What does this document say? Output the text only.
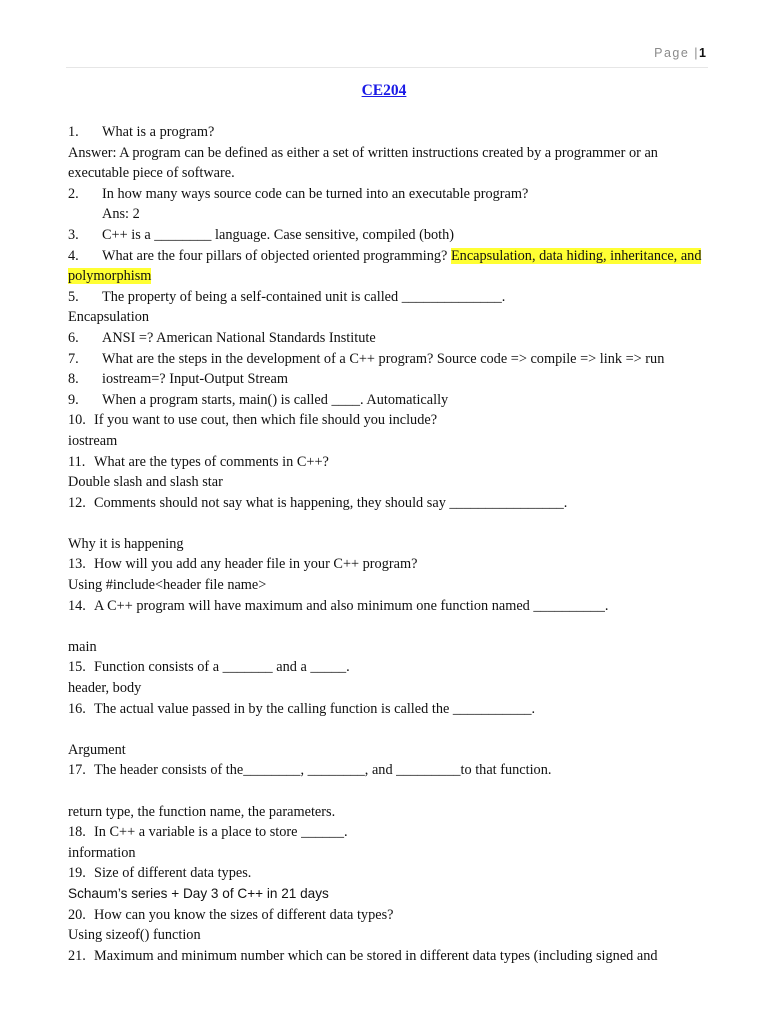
Page |1
CE204
1. What is a program?
Answer: A program can be defined as either a set of written instructions created by a programmer or an executable piece of software.
2. In how many ways source code can be turned into an executable program?
Ans: 2
3. C++ is a ________ language. Case sensitive, compiled (both)
4. What are the four pillars of objected oriented programming? Encapsulation, data hiding, inheritance, and polymorphism
5. The property of being a self-contained unit is called ______________.
Encapsulation
6. ANSI =? American National Standards Institute
7. What are the steps in the development of a C++ program? Source code => compile => link => run
8. iostream=? Input-Output Stream
9. When a program starts, main() is called ____. Automatically
10. If you want to use cout, then which file should you include?
iostream
11. What are the types of comments in C++?
Double slash and slash star
12. Comments should not say what is happening, they should say ________________.
Why it is happening
13. How will you add any header file in your C++ program?
Using #include<header file name>
14. A C++ program will have maximum and also minimum one function named __________.
main
15. Function consists of a _______ and a _____.
header, body
16. The actual value passed in by the calling function is called the ___________.
Argument
17. The header consists of the________, ________, and _________to that function.
return type, the function name, the parameters.
18. In C++ a variable is a place to store ______.
information
19. Size of different data types.
Schaum’s series + Day 3 of C++ in 21 days
20. How can you know the sizes of different data types?
Using sizeof() function
21. Maximum and minimum number which can be stored in different data types (including signed and
